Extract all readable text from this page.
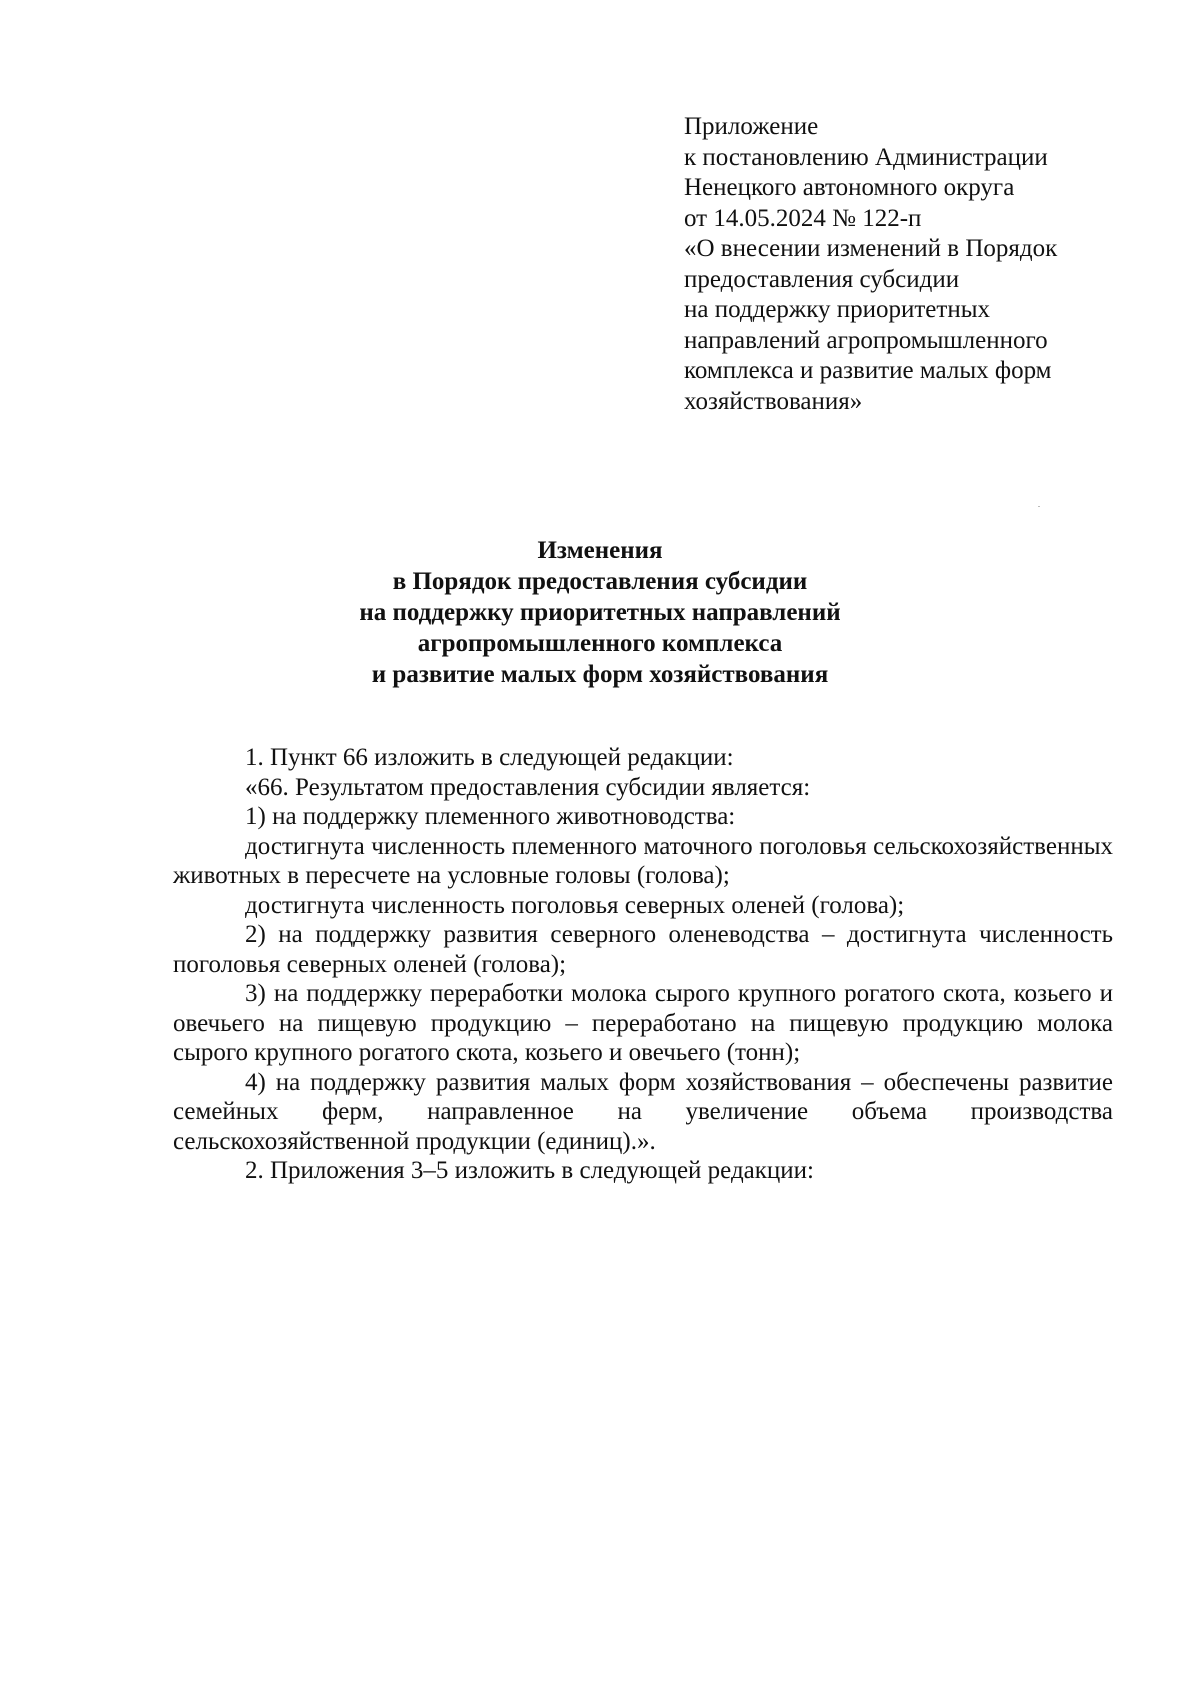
Приложение
к постановлению Администрации
Ненецкого автономного округа
от 14.05.2024 № 122-п
«О внесении изменений в Порядок
предоставления субсидии
на поддержку приоритетных
направлений агропромышленного
комплекса и развитие малых форм
хозяйствования»
Изменения
в Порядок предоставления субсидии
на поддержку приоритетных направлений
агропромышленного комплекса
и развитие малых форм хозяйствования

1. Пункт 66 изложить в следующей редакции:

«66. Результатом предоставления субсидии является:

1) на поддержку племенного животноводства:

достигнута численность племенного маточного поголовья сельскохозяйственных животных в пересчете на условные головы (голова);

достигнута численность поголовья северных оленей (голова);

2) на поддержку развития северного оленеводства – достигнута численность поголовья северных оленей (голова);

3) на поддержку переработки молока сырого крупного рогатого скота, козьего и овечьего на пищевую продукцию – переработано на пищевую продукцию молока сырого крупного рогатого скота, козьего и овечьего (тонн);

4) на поддержку развития малых форм хозяйствования – обеспечены развитие семейных ферм, направленное на увеличение объема производства

сельскохозяйственной продукции (единиц).».

2. Приложения 3–5 изложить в следующей редакции:
